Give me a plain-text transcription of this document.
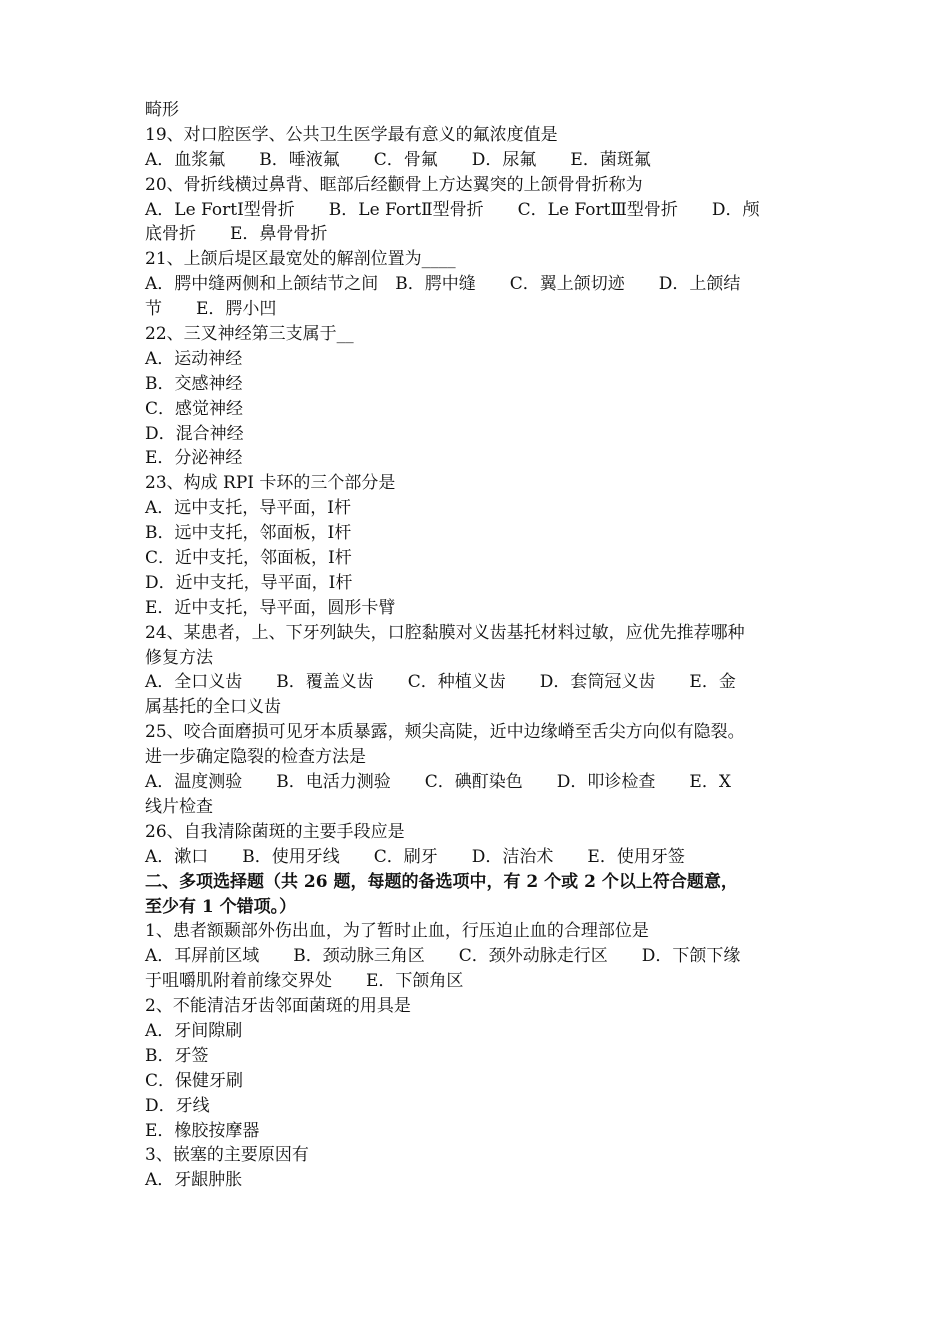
畸形
19、对口腔医学、公共卫生医学最有意义的氟浓度值是
A．血浆氟　　B．唾液氟　　C．骨氟　　D．尿氟　　E．菌斑氟
20、骨折线横过鼻背、眶部后经颧骨上方达翼突的上颌骨骨折称为
A．Le FortⅠ型骨折　　B．Le FortⅡ型骨折　　C．Le FortⅢ型骨折　　D．颅
底骨折　　E．鼻骨骨折
21、上颌后堤区最宽处的解剖位置为____
A．腭中缝两侧和上颌结节之间　B．腭中缝　　C．翼上颌切迹　　D．上颌结
节　　E．腭小凹
22、三叉神经第三支属于__
A．运动神经
B．交感神经
C．感觉神经
D．混合神经
E．分泌神经
23、构成 RPI 卡环的三个部分是
A．远中支托，导平面，Ⅰ杆
B．远中支托，邻面板，Ⅰ杆
C．近中支托，邻面板，Ⅰ杆
D．近中支托，导平面，Ⅰ杆
E．近中支托，导平面，圆形卡臂
24、某患者，上、下牙列缺失，口腔黏膜对义齿基托材料过敏，应优先推荐哪种
修复方法
A．全口义齿　　B．覆盖义齿　　C．种植义齿　　D．套筒冠义齿　　E．金
属基托的全口义齿
25、咬合面磨损可见牙本质暴露，颊尖高陡，近中边缘嵴至舌尖方向似有隐裂。
进一步确定隐裂的检查方法是
A．温度测验　　B．电活力测验　　C．碘酊染色　　D．叩诊检查　　E．X
线片检查
26、自我清除菌斑的主要手段应是
A．漱口　　B．使用牙线　　C．刷牙　　D．洁治术　　E．使用牙签
二、多项选择题（共 26 题，每题的备选项中，有 2 个或 2 个以上符合题意，
至少有 1 个错项。）
1、患者额颞部外伤出血，为了暂时止血，行压迫止血的合理部位是
A．耳屏前区域　　B．颈动脉三角区　　C．颈外动脉走行区　　D．下颌下缘
于咀嚼肌附着前缘交界处　　E．下颌角区
2、不能清洁牙齿邻面菌斑的用具是
A．牙间隙刷
B．牙签
C．保健牙刷
D．牙线
E．橡胶按摩器
3、嵌塞的主要原因有
A．牙龈肿胀
